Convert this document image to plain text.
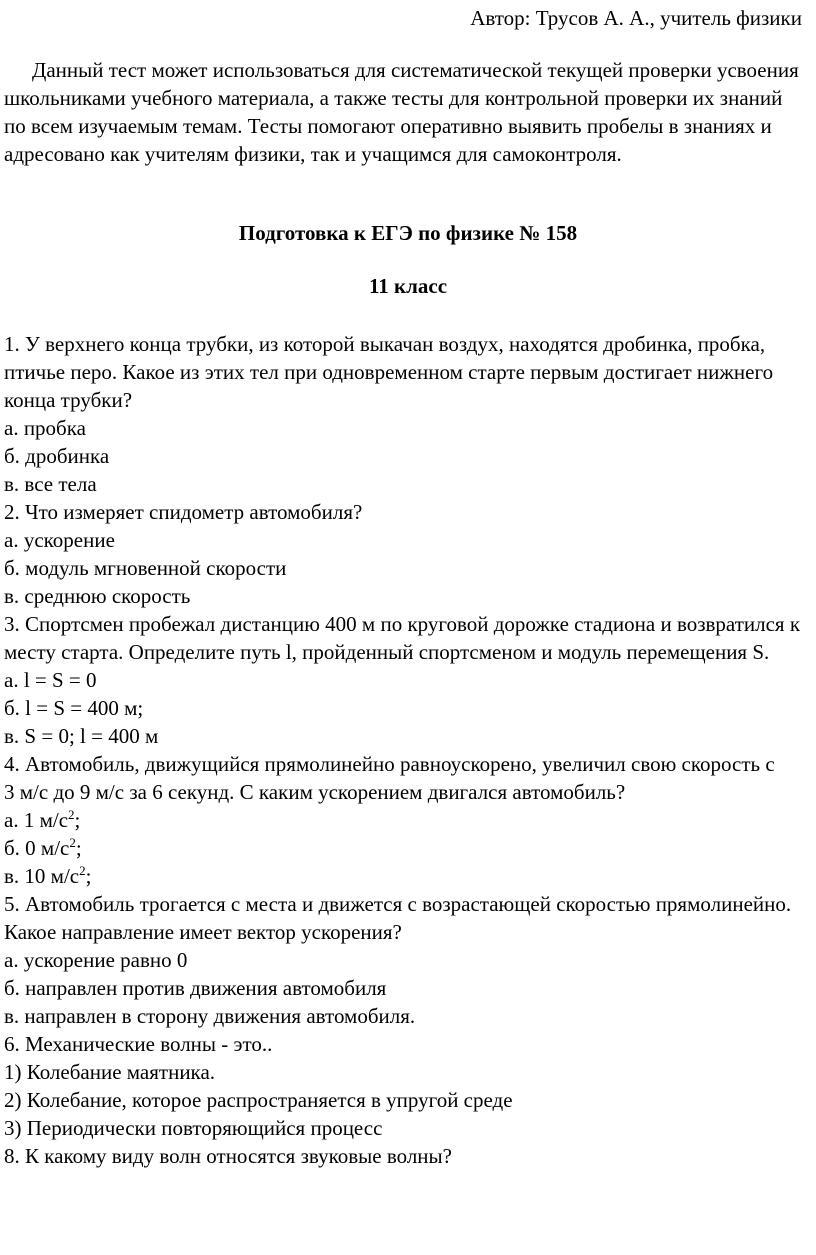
Автор: Трусов А. А., учитель физики
Данный тест может использоваться для систематической текущей проверки усвоения школьниками учебного материала, а также тесты для контрольной проверки их знаний по всем изучаемым темам. Тесты помогают оперативно выявить пробелы в знаниях и адресовано как учителям физики, так и учащимся для самоконтроля.
Подготовка к ЕГЭ по физике № 158
11 класс
1. У верхнего конца трубки, из которой выкачан воздух, находятся дробинка, пробка, птичье перо. Какое из этих тел при одновременном старте первым достигает нижнего конца трубки?
а. пробка
б. дробинка
в. все тела
2. Что измеряет спидометр автомобиля?
а. ускорение
б. модуль мгновенной скорости
в. среднюю скорость
3. Спортсмен пробежал дистанцию 400 м по круговой дорожке стадиона и возвратился к месту старта. Определите путь l, пройденный спортсменом и модуль перемещения S.
а. l = S = 0
б. l = S = 400 м;
в. S = 0; l = 400 м
4. Автомобиль, движущийся прямолинейно равноускорено, увеличил свою скорость с
3 м/с до 9 м/с за 6 секунд. С каким ускорением двигался автомобиль?
а. 1 $м/с^2$;
б. 0 $м/с^2$;
в. 10 $м/с^2$;
5. Автомобиль трогается с места и движется с возрастающей скоростью прямолинейно.
Какое направление имеет вектор ускорения?
а. ускорение равно 0
б. направлен против движения автомобиля
в. направлен в сторону движения автомобиля.
6. Механические волны - это..
1) Колебание маятника.
2) Колебание, которое распространяется в упругой среде
3) Периодически повторяющийся процесс
8. К какому виду волн относятся звуковые волны?
